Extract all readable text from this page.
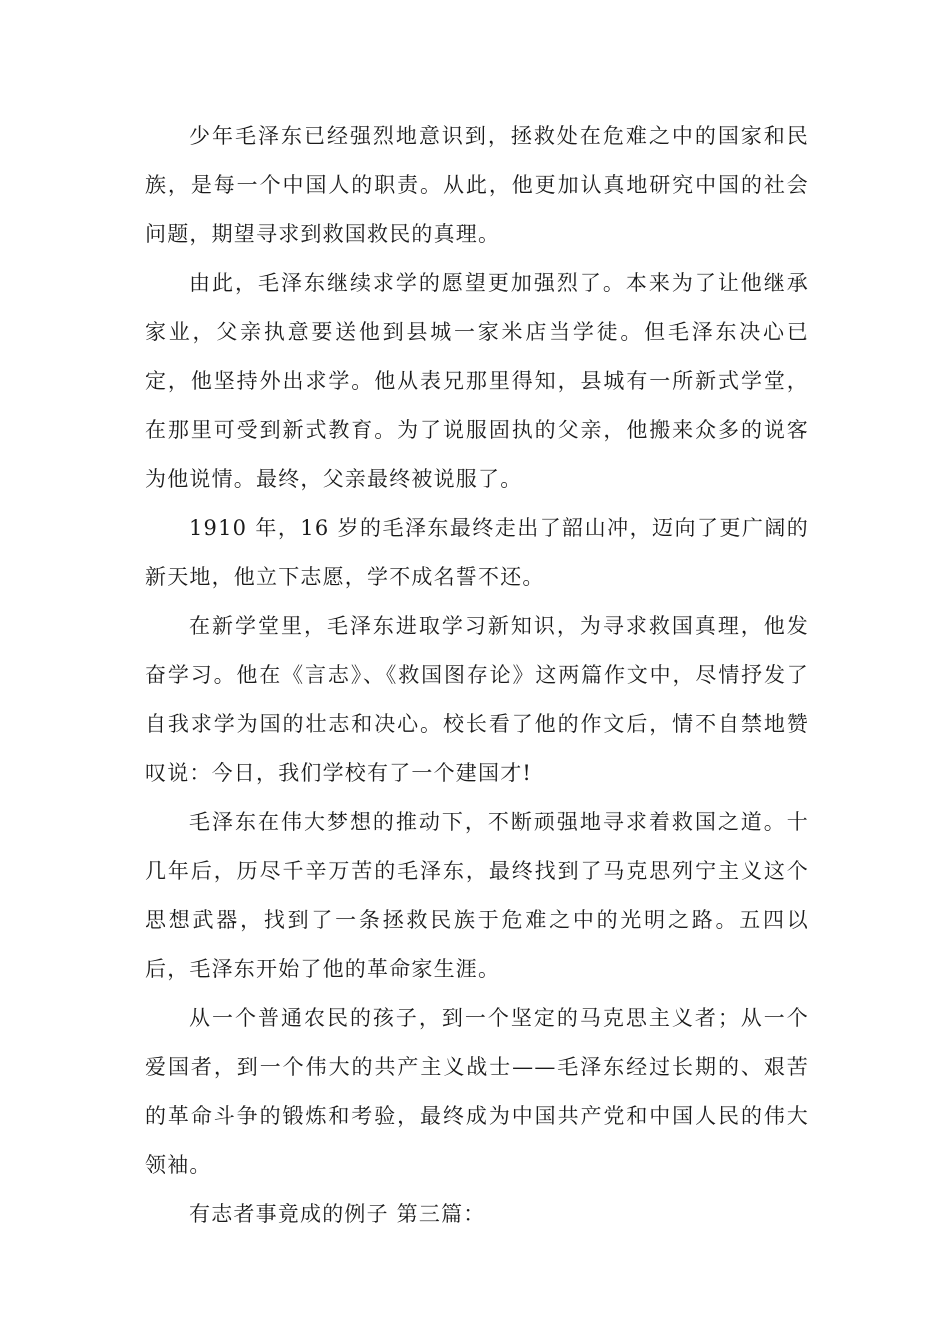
少年毛泽东已经强烈地意识到，拯救处在危难之中的国家和民族，是每一个中国人的职责。从此，他更加认真地研究中国的社会问题，期望寻求到救国救民的真理。

由此，毛泽东继续求学的愿望更加强烈了。本来为了让他继承家业，父亲执意要送他到县城一家米店当学徒。但毛泽东决心已定，他坚持外出求学。他从表兄那里得知，县城有一所新式学堂，在那里可受到新式教育。为了说服固执的父亲，他搬来众多的说客为他说情。最终，父亲最终被说服了。

1910 年，16 岁的毛泽东最终走出了韶山冲，迈向了更广阔的新天地，他立下志愿，学不成名誓不还。

在新学堂里，毛泽东进取学习新知识，为寻求救国真理，他发奋学习。他在《言志》、《救国图存论》这两篇作文中，尽情抒发了自我求学为国的壮志和决心。校长看了他的作文后，情不自禁地赞叹说：今日，我们学校有了一个建国才!

毛泽东在伟大梦想的推动下，不断顽强地寻求着救国之道。十几年后，历尽千辛万苦的毛泽东，最终找到了马克思列宁主义这个思想武器，找到了一条拯救民族于危难之中的光明之路。五四以后，毛泽东开始了他的革命家生涯。

从一个普通农民的孩子，到一个坚定的马克思主义者；从一个爱国者，到一个伟大的共产主义战士——毛泽东经过长期的、艰苦的革命斗争的锻炼和考验，最终成为中国共产党和中国人民的伟大领袖。

有志者事竟成的例子 第三篇：
